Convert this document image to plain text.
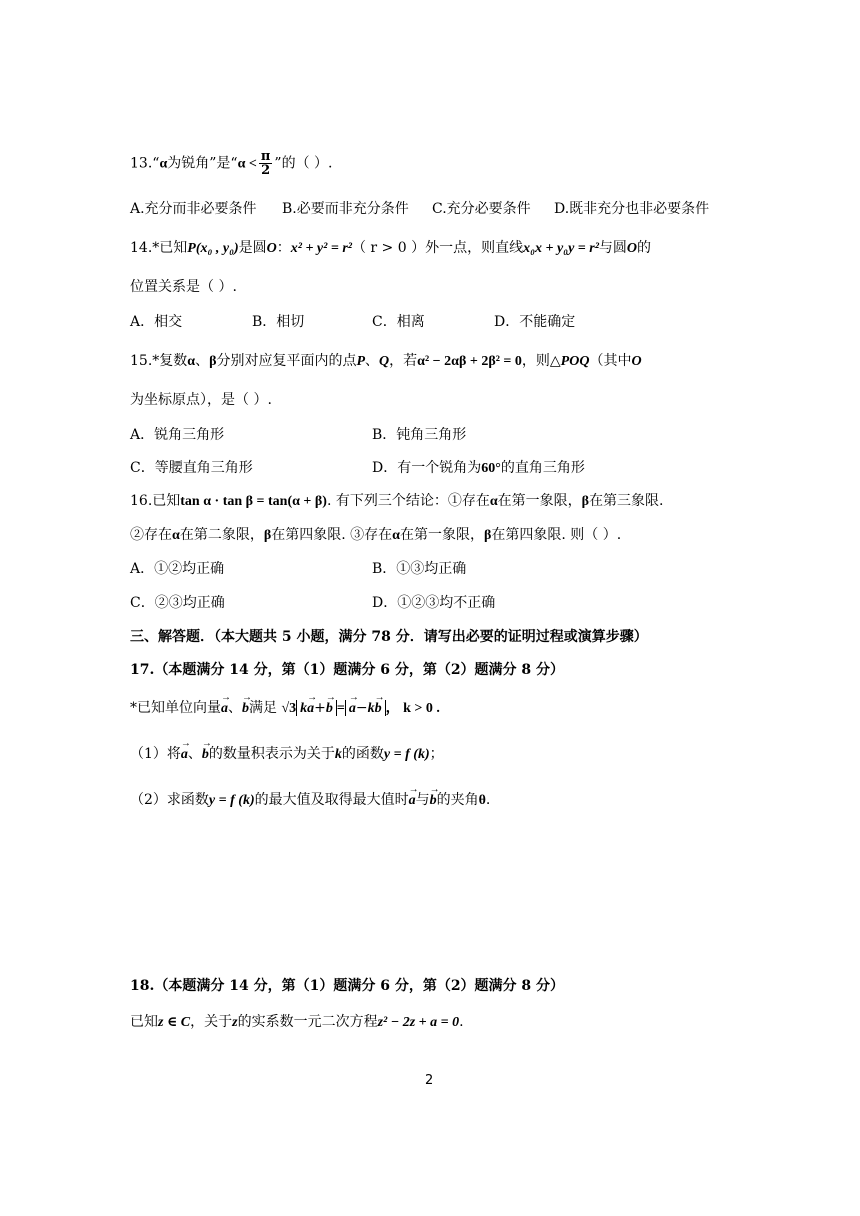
13.“α为锐角”是“$\alpha < \frac{\pi}{2}$ ”的（ ）.
A.充分而非必要条件 B.必要而非充分条件 C.充分必要条件 D.既非充分也非必要条件
14.*已知P(x₀ , y₀)是圆O：x² + y² = r²（ r > 0 ）外一点，则直线x₀x + y₀y = r²与圆O的
位置关系是（ ）.
A．相交	B．相切	C．相离	D．不能确定
15.*复数α、β分别对应复平面内的点P、Q，若α² − 2αβ + 2β² = 0，则△POQ（其中O
为坐标原点），是（ ）.
A．锐角三角形	B．钝角三角形
C．等腰直角三角形	D．有一个锐角为60°的直角三角形
16.已知tan α · tan β = tan(α + β). 有下列三个结论：①存在α在第一象限，β在第三象限.
②存在α在第二象限，β在第四象限. ③存在α在第一象限，β在第四象限. 则（ ）.
A．①②均正确	B．①③均正确
C．②③均正确	D．①②③均不正确
三、解答题．（本大题共 5 小题，满分 78 分．请写出必要的证明过程或演算步骤）
17.（本题满分 14 分，第（1）题满分 6 分，第（2）题满分 8 分）
*已知单位向量→ a、→ b满足 √3 k→ a+→ b =→ a−k→ b ， k > 0 .
（1）将→ a、→ b的数量积表示为关于k的函数y = f (k)；
（2）求函数y = f (k)的最大值及取得最大值时→ a与→ b的夹角θ.
18.（本题满分 14 分，第（1）题满分 6 分，第（2）题满分 8 分）
已知z ∈ C，关于z的实系数一元二次方程z² − 2z + a = 0.
2
